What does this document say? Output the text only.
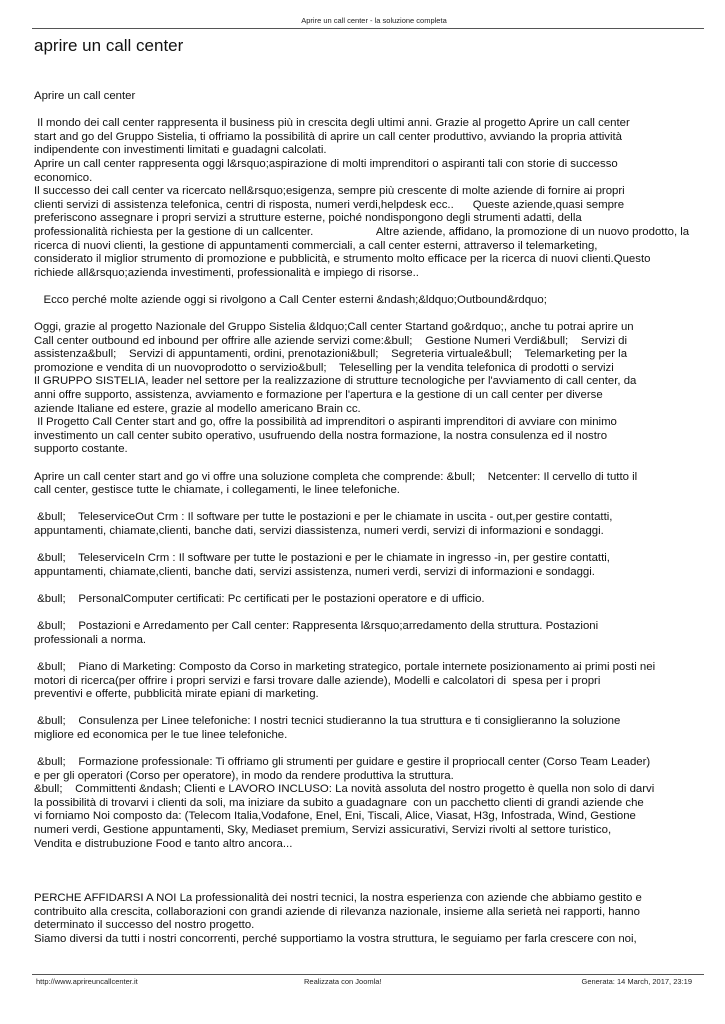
Aprire un call center - la soluzione completa
aprire un call center

Aprire un call center

Il mondo dei call center rappresenta il business più in crescita degli ultimi anni. Grazie al progetto Aprire un call center
start and go del Gruppo Sistelia, ti offriamo la possibilità di aprire un call center produttivo, avviando la propria attività
indipendente con investimenti limitati e guadagni calcolati.
Aprire un call center rappresenta oggi l&rsquo;aspirazione di molti imprenditori o aspiranti tali con storie di successo
economico.
Il successo dei call center va ricercato nell&rsquo;esigenza, sempre più crescente di molte aziende di fornire ai propri
clienti servizi di assistenza telefonica, centri di risposta, numeri verdi,helpdesk ecc..      Queste aziende,quasi sempre
preferiscono assegnare i propri servizi a strutture esterne, poiché nondispongono degli strumenti adatti, della
professionalità richiesta per la gestione di un callcenter.                    Altre aziende, affidano, la promozione di un nuovo prodotto, la
ricerca di nuovi clienti, la gestione di appuntamenti commerciali, a call center esterni, attraverso il telemarketing,
considerato il miglior strumento di promozione e pubblicità, e strumento molto efficace per la ricerca di nuovi clienti.Questo
richiede all&rsquo;azienda investimenti, professionalità e impiego di risorse..

Ecco perché molte aziende oggi si rivolgono a Call Center esterni &ndash;&ldquo;Outbound&rdquo;

Oggi, grazie al progetto Nazionale del Gruppo Sistelia &ldquo;Call center Startand go&rdquo;, anche tu potrai aprire un
Call center outbound ed inbound per offrire alle aziende servizi come:&bull;    Gestione Numeri Verdi&bull;    Servizi di
assistenza&bull;    Servizi di appuntamenti, ordini, prenotazioni&bull;    Segreteria virtuale&bull;    Telemarketing per la
promozione e vendita di un nuovoprodotto o servizio&bull;    Teleselling per la vendita telefonica di prodotti o servizi
Il GRUPPO SISTELIA, leader nel settore per la realizzazione di strutture tecnologiche per l'avviamento di call center, da
anni offre supporto, assistenza, avviamento e formazione per l'apertura e la gestione di un call center per diverse
aziende Italiane ed estere, grazie al modello americano Brain cc.
Il Progetto Call Center start and go, offre la possibilità ad imprenditori o aspiranti imprenditori di avviare con minimo
investimento un call center subito operativo, usufruendo della nostra formazione, la nostra consulenza ed il nostro
supporto costante.

Aprire un call center start and go vi offre una soluzione completa che comprende: &bull;    Netcenter: Il cervello di tutto il
call center, gestisce tutte le chiamate, i collegamenti, le linee telefoniche.

&bull;    TeleserviceOut Crm : Il software per tutte le postazioni e per le chiamate in uscita - out,per gestire contatti,
appuntamenti, chiamate,clienti, banche dati, servizi diassistenza, numeri verdi, servizi di informazioni e sondaggi.

&bull;    TeleserviceIn Crm : Il software per tutte le postazioni e per le chiamate in ingresso -in, per gestire contatti,
appuntamenti, chiamate,clienti, banche dati, servizi assistenza, numeri verdi, servizi di informazioni e sondaggi.

&bull;    PersonalComputer certificati: Pc certificati per le postazioni operatore e di ufficio.

&bull;    Postazioni e Arredamento per Call center: Rappresenta l&rsquo;arredamento della struttura. Postazioni
professionali a norma.

&bull;    Piano di Marketing: Composto da Corso in marketing strategico, portale internete posizionamento ai primi posti nei
motori di ricerca(per offrire i propri servizi e farsi trovare dalle aziende), Modelli e calcolatori di  spesa per i propri
preventivi e offerte, pubblicità mirate epiani di marketing.

&bull;    Consulenza per Linee telefoniche: I nostri tecnici studieranno la tua struttura e ti consiglieranno la soluzione
migliore ed economica per le tue linee telefoniche.

&bull;    Formazione professionale: Ti offriamo gli strumenti per guidare e gestire il propriocall center (Corso Team Leader)
e per gli operatori (Corso per operatore), in modo da rendere produttiva la struttura.
&bull;    Committenti &ndash; Clienti e LAVORO INCLUSO: La novità assoluta del nostro progetto è quella non solo di darvi
la possibilità di trovarvi i clienti da soli, ma iniziare da subito a guadagnare  con un pacchetto clienti di grandi aziende che
vi forniamo Noi composto da: (Telecom Italia,Vodafone, Enel, Eni, Tiscali, Alice, Viasat, H3g, Infostrada, Wind, Gestione
numeri verdi, Gestione appuntamenti, Sky, Mediaset premium, Servizi assicurativi, Servizi rivolti al settore turistico,
Vendita e distrubuzione Food e tanto altro ancora...

PERCHE AFFIDARSI A NOI La professionalità dei nostri tecnici, la nostra esperienza con aziende che abbiamo gestito e
contribuito alla crescita, collaborazioni con grandi aziende di rilevanza nazionale, insieme alla serietà nei rapporti, hanno
determinato il successo del nostro progetto.
Siamo diversi da tutti i nostri concorrenti, perché supportiamo la vostra struttura, le seguiamo per farla crescere con noi,

http://www.aprireuncallcenter.it	Realizzata con Joomla!	Generata: 14 March, 2017, 23:19
